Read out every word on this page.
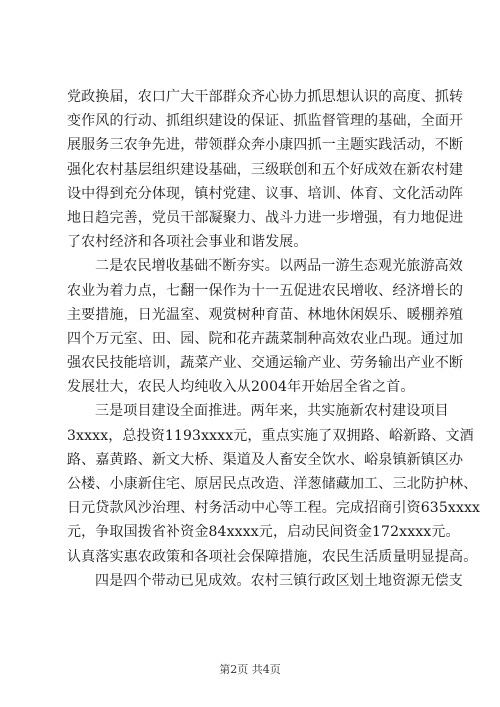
党政换届，农口广大干部群众齐心协力抓思想认识的高度、抓转
变作风的行动、抓组织建设的保证、抓监督管理的基础，全面开
展服务三农争先进，带领群众奔小康四抓一主题实践活动，不断
强化农村基层组织建设基础，三级联创和五个好成效在新农村建
设中得到充分体现，镇村党建、议事、培训、体育、文化活动阵
地日趋完善，党员干部凝聚力、战斗力进一步增强，有力地促进
了农村经济和各项社会事业和谐发展。
二是农民增收基础不断夯实。以两品一游生态观光旅游高效
农业为着力点，七翻一保作为十一五促进农民增收、经济增长的
主要措施，日光温室、观赏树种育苗、林地休闲娱乐、暖棚养殖
四个万元室、田、园、院和花卉蔬菜制种高效农业凸现。通过加
强农民技能培训，蔬菜产业、交通运输产业、劳务输出产业不断
发展壮大，农民人均纯收入从2004年开始居全省之首。
三是项目建设全面推进。两年来，共实施新农村建设项目
3xxxx，总投资1193xxxx元，重点实施了双拥路、峪新路、文酒
路、嘉黄路、新文大桥、渠道及人畜安全饮水、峪泉镇新镇区办
公楼、小康新住宅、原居民点改造、洋葱储藏加工、三北防护林、
日元贷款风沙治理、村务活动中心等工程。完成招商引资635xxxx
元，争取国拨省补资金84xxxx元，启动民间资金172xxxx元。
认真落实惠农政策和各项社会保障措施，农民生活质量明显提高。
四是四个带动已见成效。农村三镇行政区划土地资源无偿支
第2页 共4页
